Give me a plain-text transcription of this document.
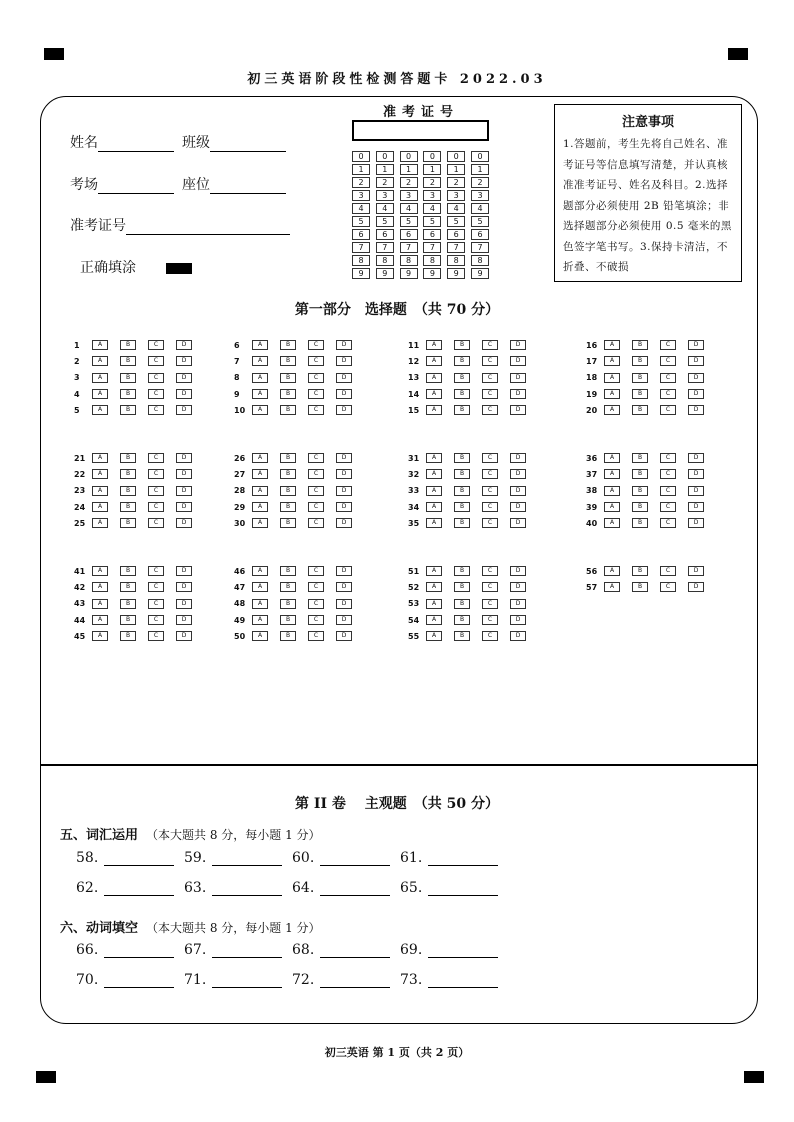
初三英语阶段性检测答题卡 2022.03
姓名	班级
考场	座位
准考证号
正确填涂
准考证号
0	0	0	0	0	0
1	1	1	1	1	1
2	2	2	2	2	2
3	3	3	3	3	3
4	4	4	4	4	4
5	5	5	5	5	5
6	6	6	6	6	6
7	7	7	7	7	7
8	8	8	8	8	8
9	9	9	9	9	9
注意事项
1.答题前，考生先将自己姓名、准考证号等信息填写清楚，并认真核准准考证号、姓名及科目。2.选择题部分必须使用 2B 铅笔填涂；非选择题部分必须使用 0.5 毫米的黑色签字笔书写。3.保持卡清洁，不折叠、不破损
第一部分　选择题　（共 70 分）
1	A	B	C	D
2	A	B	C	D
3	A	B	C	D
4	A	B	C	D
5	A	B	C	D
6	A	B	C	D
7	A	B	C	D
8	A	B	C	D
9	A	B	C	D
10	A	B	C	D
11	A	B	C	D
12	A	B	C	D
13	A	B	C	D
14	A	B	C	D
15	A	B	C	D
16	A	B	C	D
17	A	B	C	D
18	A	B	C	D
19	A	B	C	D
20	A	B	C	D
21	A	B	C	D
22	A	B	C	D
23	A	B	C	D
24	A	B	C	D
25	A	B	C	D
26	A	B	C	D
27	A	B	C	D
28	A	B	C	D
29	A	B	C	D
30	A	B	C	D
31	A	B	C	D
32	A	B	C	D
33	A	B	C	D
34	A	B	C	D
35	A	B	C	D
36	A	B	C	D
37	A	B	C	D
38	A	B	C	D
39	A	B	C	D
40	A	B	C	D
41	A	B	C	D
42	A	B	C	D
43	A	B	C	D
44	A	B	C	D
45	A	B	C	D
46	A	B	C	D
47	A	B	C	D
48	A	B	C	D
49	A	B	C	D
50	A	B	C	D
51	A	B	C	D
52	A	B	C	D
53	A	B	C	D
54	A	B	C	D
55	A	B	C	D
56	A	B	C	D
57	A	B	C	D
第 II 卷　 主观题　（共 50 分）
五、词汇运用 （本大题共 8 分，每小题 1 分）
58.	59.	60.	61.
62.	63.	64.	65.
六、动词填空 （本大题共 8 分，每小题 1 分）
66.	67.	68.	69.
70.	71.	72.	73.
初三英语 第 1 页（共 2 页）
